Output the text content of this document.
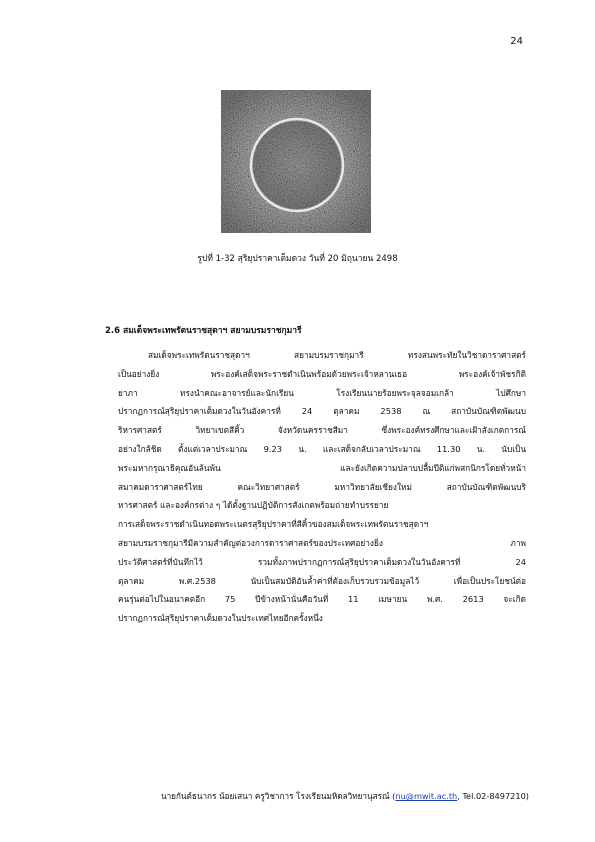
24
รูปที่ 1-32 สุริยุปราคาเต็มดวง วันที่ 20 มิถุนายน 2498
2.6 สมเด็จพระเทพรัตนราชสุดาฯ สยามบรมราชกุมารี
สมเด็จพระเทพรัตนราชสุดาฯ สยามบรมราชกุมารี ทรงสนพระทัยในวิชาดาราศาสตร์
เป็นอย่างยิ่ง พระองค์เสด็จพระราชดำเนินพร้อมด้วยพระเจ้าหลานเธอ พระองค์เจ้าพัชรกิติ
ยาภา ทรงนำคณะอาจารย์และนักเรียน โรงเรียนนายร้อยพระจุลจอมเกล้า ไปศึกษา
ปรากฏการณ์สุริยุปราคาเต็มดวงในวันอังคารที่ 24 ตุลาคม 2538 ณ สถาบันบัณฑิตพัฒนบ
ริหารศาสตร์ วิทยาเขตสีคิ้ว จังหวัดนครราชสีมา ซึ่งพระองค์ทรงศึกษาและเฝ้าสังเกตการณ์
อย่างใกล้ชิด ตั้งแต่เวลาประมาณ 9.23 น. และเสด็จกลับเวลาประมาณ 11.30 น. นับเป็น
พระมหากรุณาธิคุณอันล้นพ้น และยังเกิดความปลาบปลื้มปีติแก่พสกนิกรโดยทั่วหน้า
สมาคมดาราศาสตร์ไทย คณะวิทยาศาสตร์ มหาวิทยาลัยเชียงใหม่ สถาบันบัณฑิตพัฒนบริ
หารศาสตร์ และองค์กรต่าง ๆ ได้ตั้งฐานปฏิบัติการสังเกตพร้อมถ่ายทำบรรยาย
การเสด็จพระราชดำเนินทอดพระเนตรสุริยุปราคาที่สีคิ้วของสมเด็จพระเทพรัตนราชสุดาฯ
สยามบรมราชกุมารีมีความสำคัญต่อวงการดาราศาสตร์ของประเทศอย่างยิ่ง ภาพ
ประวัติศาสตร์ที่บันทึกไว้ รวมทั้งภาพปรากฏการณ์สุริยุปราคาเต็มดวงในวันอังคารที่ 24
ตุลาคม พ.ศ.2538 นับเป็นสมบัติอันล้ำค่าที่ต้องเก็บรวบรวมข้อมูลไว้ เพื่อเป็นประโยชน์ต่อ
คนรุ่นต่อไปในอนาคตอีก 75 ปีข้างหน้านั่นคือวันที่ 11 เมษายน พ.ศ. 2613 จะเกิด
ปรากฏการณ์สุริยุปราคาเต็มดวงในประเทศไทยอีกครั้งหนึ่ง
นายกันต์ธนากร น้อยเสนา ครูวิชาการ โรงเรียนมหิดลวิทยานุสรณ์ (nu@mwit.ac.th, Tel.02-8497210)
